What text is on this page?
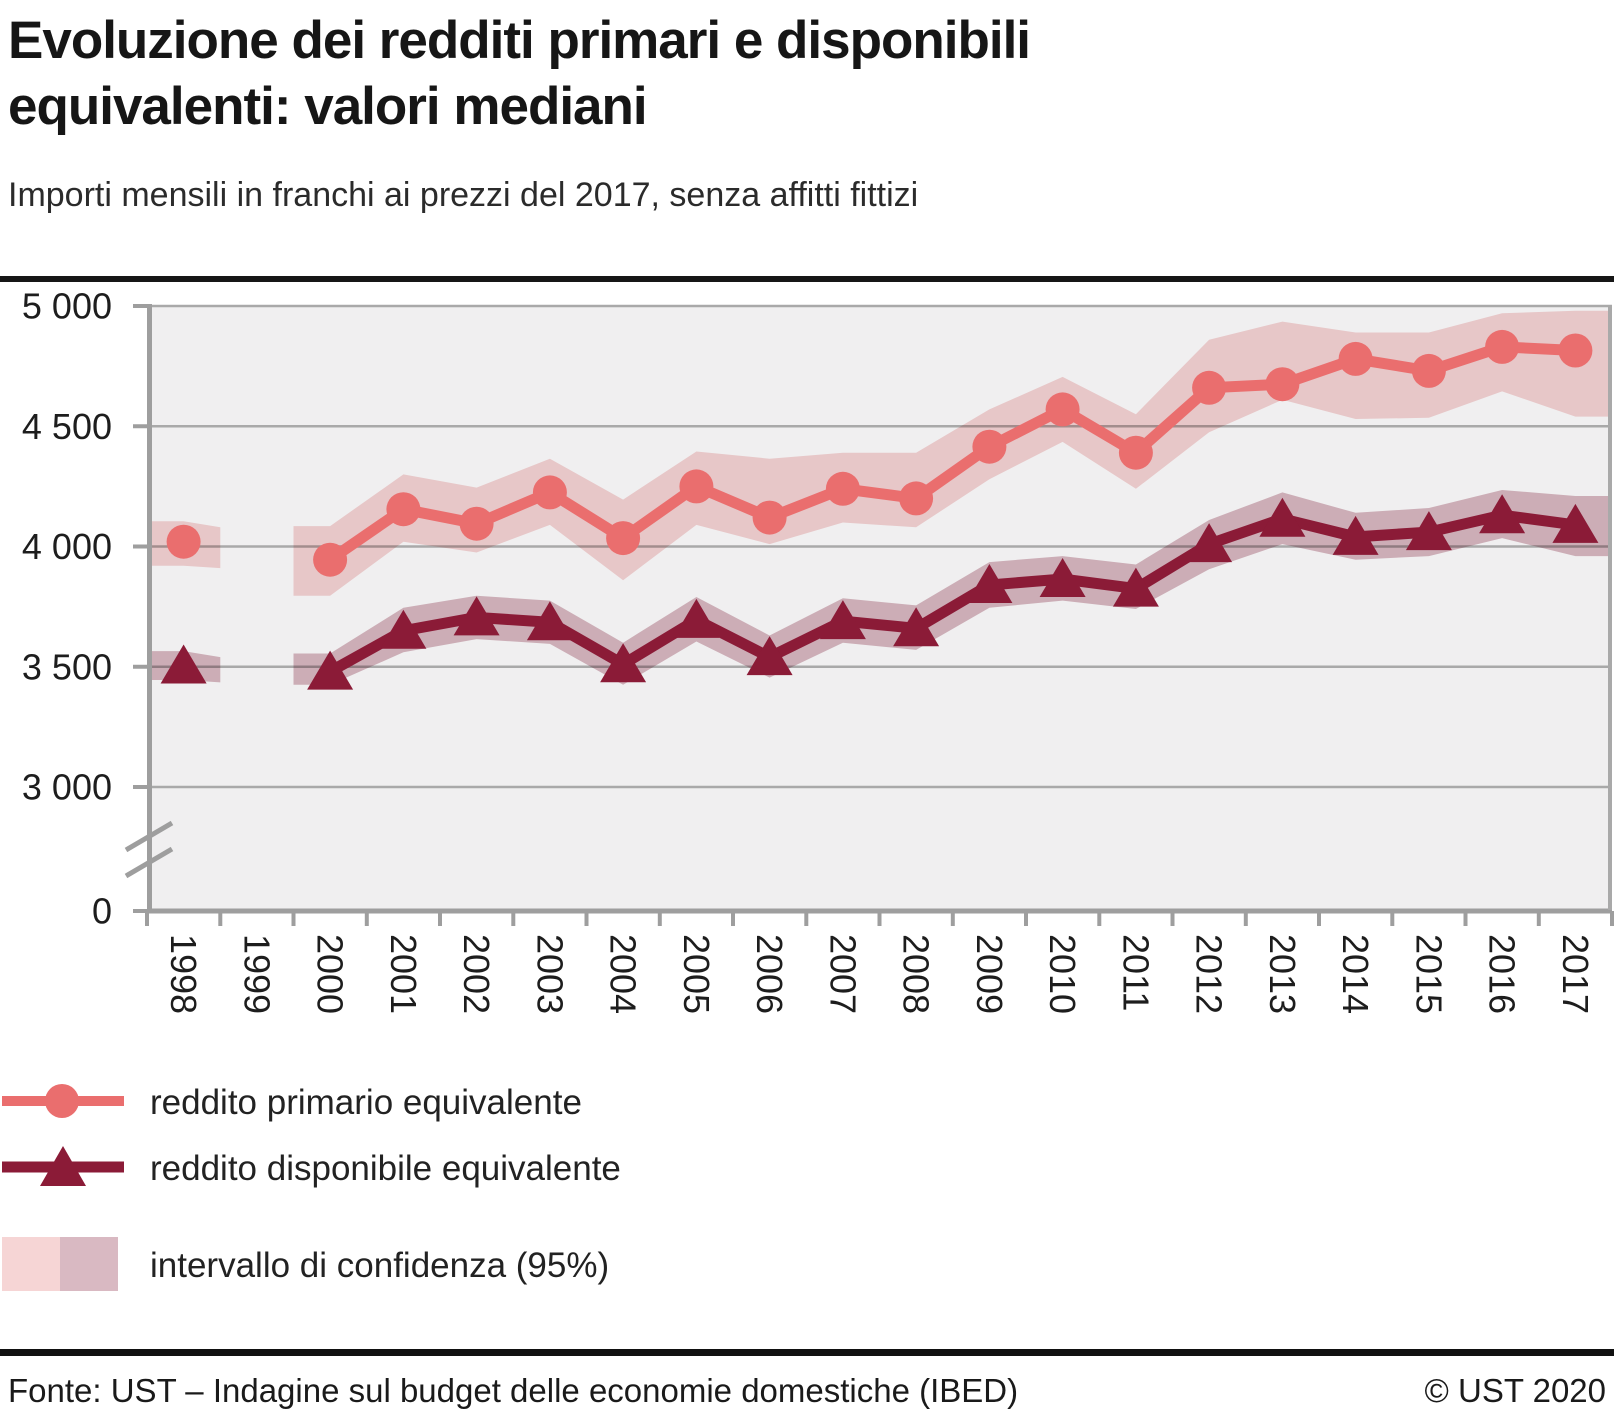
Evoluzione dei redditi primari e disponibili
equivalenti: valori mediani
Importi mensili in franchi ai prezzi del 2017, senza affitti fittizi
5 000
4 500
4 000
3 500
3 000
0
1998 1999 2000 2001 2002 2003 2004 2005 2006 2007 2008 2009 2010 2011 2012 2013 2014 2015 2016 2017
reddito primario equivalente
reddito disponibile equivalente
intervallo di confidenza (95%)
Fonte: UST – Indagine sul budget delle economie domestiche (IBED)	© UST 2020
